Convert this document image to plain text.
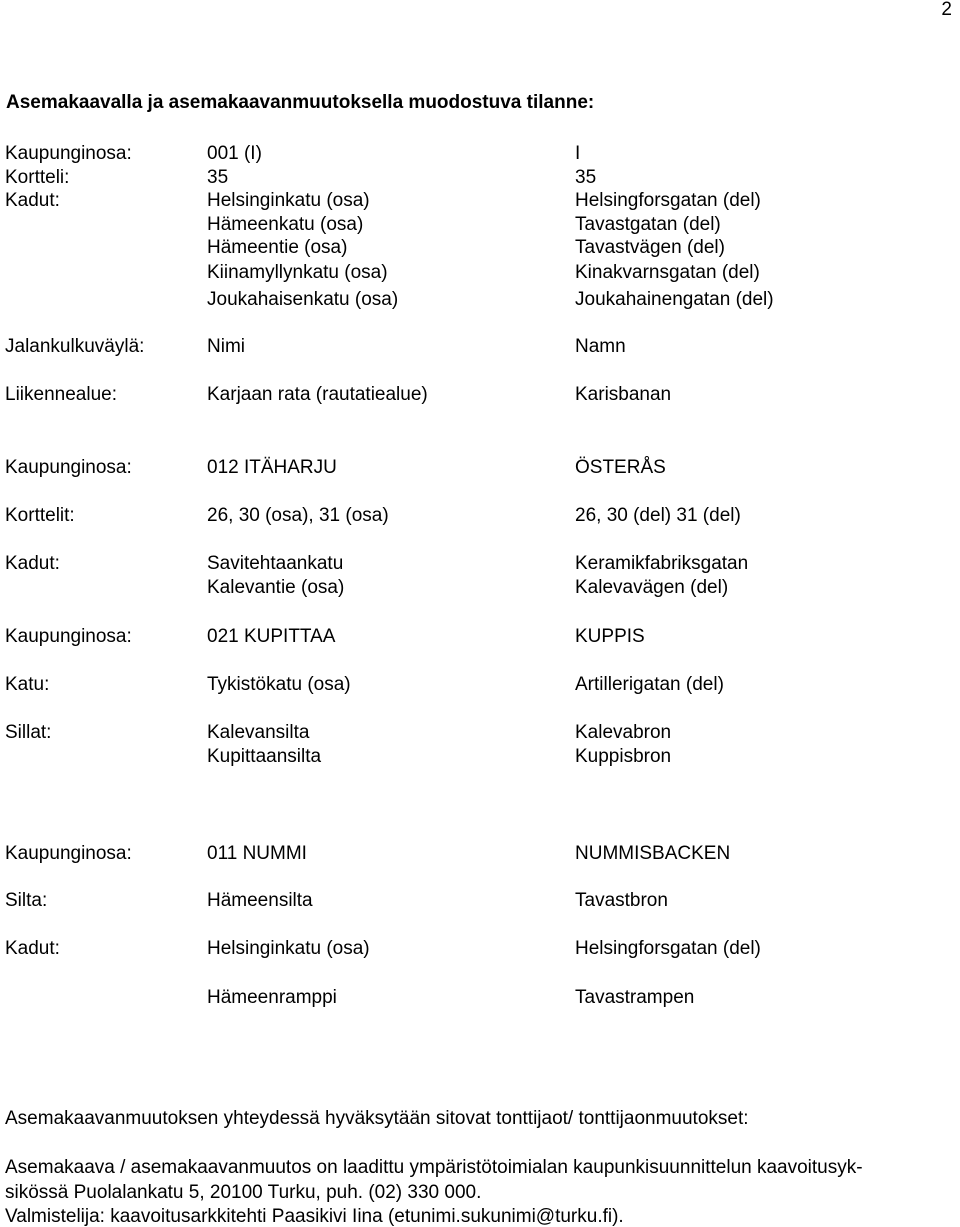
2
Asemakaavalla ja asemakaavanmuutoksella muodostuva tilanne:
Kaupunginosa:	001 (I)	I
Kortteli:	35	35
Kadut:	Helsinginkatu (osa)	Helsingforsgatan (del)
Hämeenkatu (osa)	Tavastgatan (del)
Hämeentie (osa)	Tavastvägen (del)
Kiinamyllynkatu (osa)	Kinakvarnsgatan (del)
Joukahaisenkatu (osa)	Joukahainengatan (del)
Jalankulkuväylä:	Nimi	Namn
Liikennealue:	Karjaan rata (rautatiealue)	Karisbanan
Kaupunginosa:	012 ITÄHARJU	ÖSTERÅS
Korttelit:	26, 30 (osa), 31 (osa)	26, 30 (del) 31 (del)
Kadut:	Savitehtaankatu	Keramikfabriksgatan
Kalevantie (osa)	Kalevavägen (del)
Kaupunginosa:	021 KUPITTAA	KUPPIS
Katu:	Tykistökatu (osa)	Artillerigatan (del)
Sillat:	Kalevansilta	Kalevabron
Kupittaansilta	Kuppisbron
Kaupunginosa:	011 NUMMI	NUMMISBACKEN
Silta:	Hämeensilta	Tavastbron
Kadut:	Helsinginkatu (osa)	Helsingforsgatan (del)
Hämeenramppi	Tavastrampen
Asemakaavanmuutoksen yhteydessä hyväksytään sitovat tonttijaot/ tonttijaonmuutokset:
Asemakaava / asemakaavanmuutos on laadittu ympäristötoimialan kaupunkisuunnittelun kaavoitusyk-
sikössä Puolalankatu 5, 20100 Turku, puh. (02) 330 000.
Valmistelija: kaavoitusarkkitehti Paasikivi Iina (etunimi.sukunimi@turku.fi).
